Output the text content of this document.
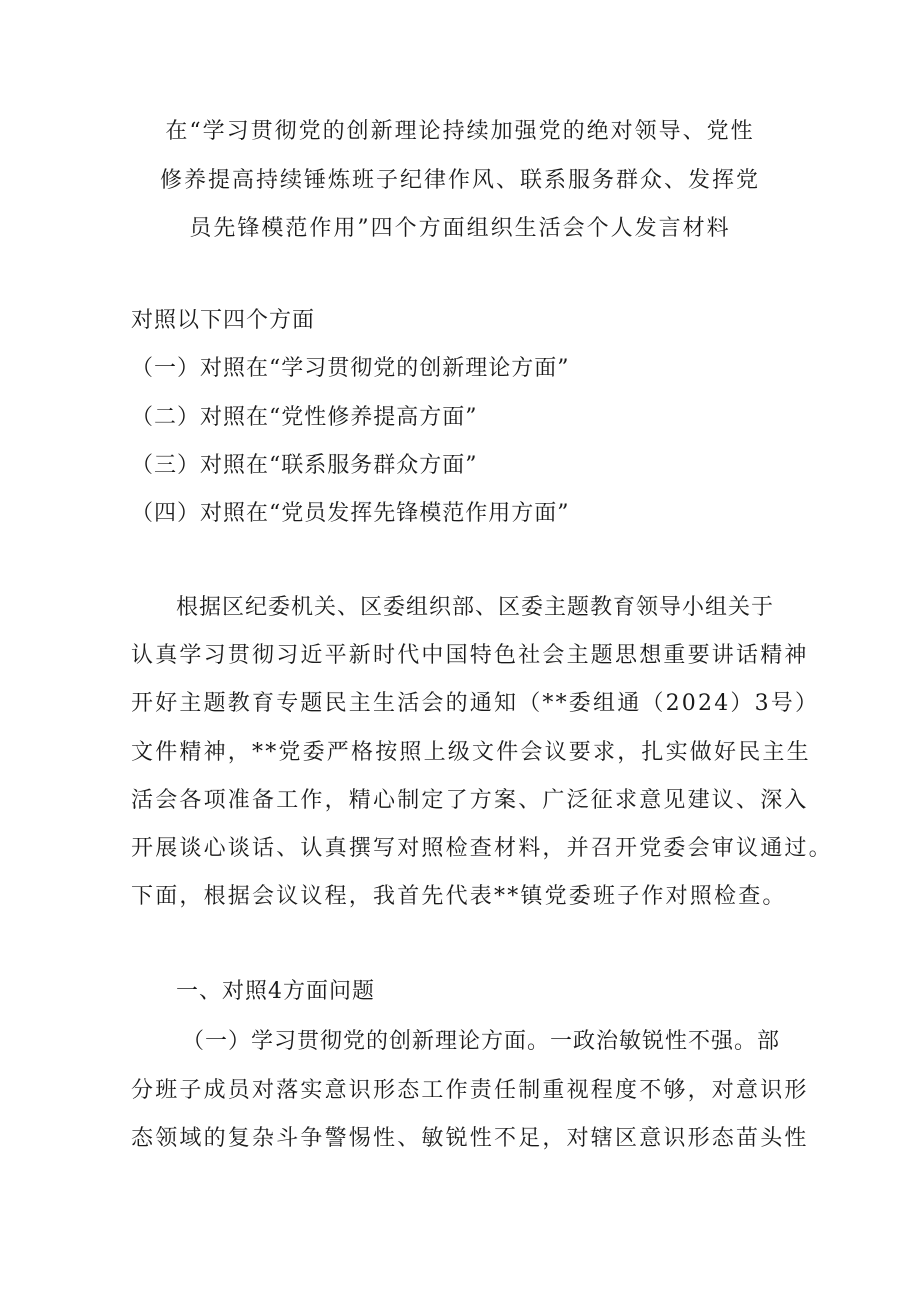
在“学习贯彻党的创新理论持续加强党的绝对领导、党性
修养提高持续锤炼班子纪律作风、联系服务群众、发挥党
员先锋模范作用”四个方面组织生活会个人发言材料
对照以下四个方面
（一）对照在“学习贯彻党的创新理论方面”
（二）对照在“党性修养提高方面”
（三）对照在“联系服务群众方面”
（四）对照在“党员发挥先锋模范作用方面”
根据区纪委机关、区委组织部、区委主题教育领导小组关于
认真学习贯彻习近平新时代中国特色社会主题思想重要讲话精神
开好主题教育专题民主生活会的通知（**委组通（2024）3号）
文件精神，**党委严格按照上级文件会议要求，扎实做好民主生
活会各项准备工作，精心制定了方案、广泛征求意见建议、深入
开展谈心谈话、认真撰写对照检查材料，并召开党委会审议通过。
下面，根据会议议程，我首先代表**镇党委班子作对照检查。
一、对照4方面问题
（一）学习贯彻党的创新理论方面。一政治敏锐性不强。部
分班子成员对落实意识形态工作责任制重视程度不够，对意识形
态领域的复杂斗争警惕性、敏锐性不足，对辖区意识形态苗头性
